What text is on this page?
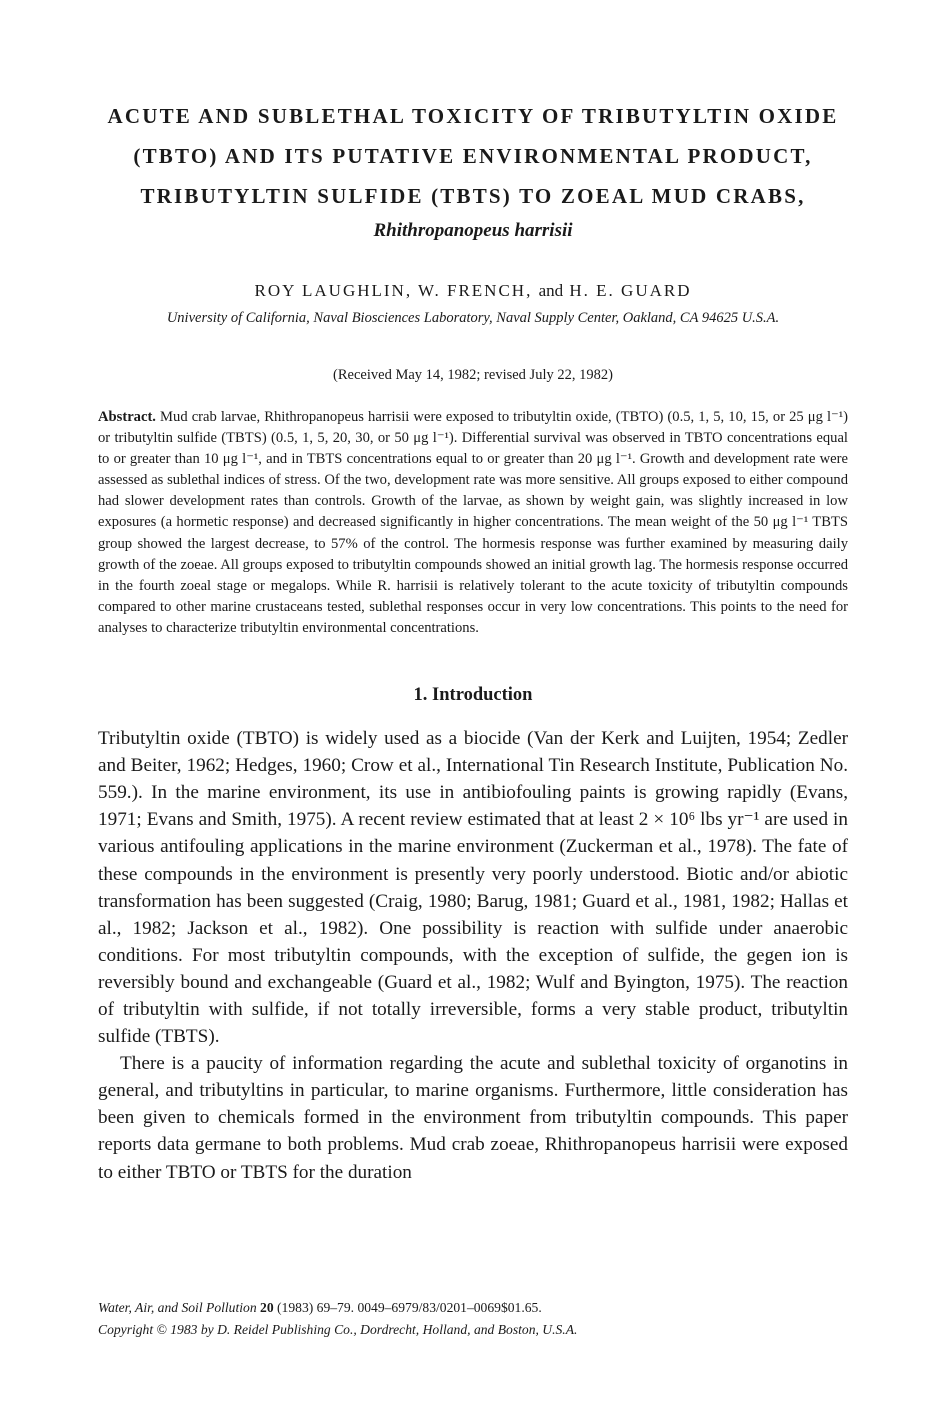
ACUTE AND SUBLETHAL TOXICITY OF TRIBUTYLTIN OXIDE
(TBTO) AND ITS PUTATIVE ENVIRONMENTAL PRODUCT,
TRIBUTYLTIN SULFIDE (TBTS) TO ZOEAL MUD CRABS,

Rhithropanopeus harrisii
ROY LAUGHLIN, W. FRENCH, and H. E. GUARD
University of California, Naval Biosciences Laboratory, Naval Supply Center, Oakland, CA 94625 U.S.A.
(Received May 14, 1982; revised July 22, 1982)
Abstract. Mud crab larvae, Rhithropanopeus harrisii were exposed to tributyltin oxide, (TBTO) (0.5, 1, 5, 10, 15, or 25 μg l⁻¹) or tributyltin sulfide (TBTS) (0.5, 1, 5, 20, 30, or 50 μg l⁻¹). Differential survival was observed in TBTO concentrations equal to or greater than 10 μg l⁻¹, and in TBTS concentrations equal to or greater than 20 μg l⁻¹. Growth and development rate were assessed as sublethal indices of stress. Of the two, development rate was more sensitive. All groups exposed to either compound had slower development rates than controls. Growth of the larvae, as shown by weight gain, was slightly increased in low exposures (a hormetic response) and decreased significantly in higher concentrations. The mean weight of the 50 μg l⁻¹ TBTS group showed the largest decrease, to 57% of the control. The hormesis response was further examined by measuring daily growth of the zoeae. All groups exposed to tributyltin compounds showed an initial growth lag. The hormesis response occurred in the fourth zoeal stage or megalops. While R. harrisii is relatively tolerant to the acute toxicity of tributyltin compounds compared to other marine crustaceans tested, sublethal responses occur in very low concentrations. This points to the need for analyses to characterize tributyltin environmental concentrations.
1. Introduction

Tributyltin oxide (TBTO) is widely used as a biocide (Van der Kerk and Luijten, 1954; Zedler and Beiter, 1962; Hedges, 1960; Crow et al., International Tin Research Institute, Publication No. 559.). In the marine environment, its use in antibiofouling paints is growing rapidly (Evans, 1971; Evans and Smith, 1975). A recent review estimated that at least 2 × 10⁶ lbs yr⁻¹ are used in various antifouling applications in the marine environment (Zuckerman et al., 1978). The fate of these compounds in the environment is presently very poorly understood. Biotic and/or abiotic transformation has been suggested (Craig, 1980; Barug, 1981; Guard et al., 1981, 1982; Hallas et al., 1982; Jackson et al., 1982). One possibility is reaction with sulfide under anaerobic conditions. For most tributyltin compounds, with the exception of sulfide, the gegen ion is reversibly bound and exchangeable (Guard et al., 1982; Wulf and Byington, 1975). The reaction of tributyltin with sulfide, if not totally irreversible, forms a very stable product, tributyltin sulfide (TBTS).

There is a paucity of information regarding the acute and sublethal toxicity of organotins in general, and tributyltins in particular, to marine organisms. Furthermore, little consideration has been given to chemicals formed in the environment from tributyltin compounds. This paper reports data germane to both problems. Mud crab zoeae, Rhithropanopeus harrisii were exposed to either TBTO or TBTS for the duration

Water, Air, and Soil Pollution 20 (1983) 69–79. 0049–6979/83/0201–0069$01.65.
Copyright © 1983 by D. Reidel Publishing Co., Dordrecht, Holland, and Boston, U.S.A.
